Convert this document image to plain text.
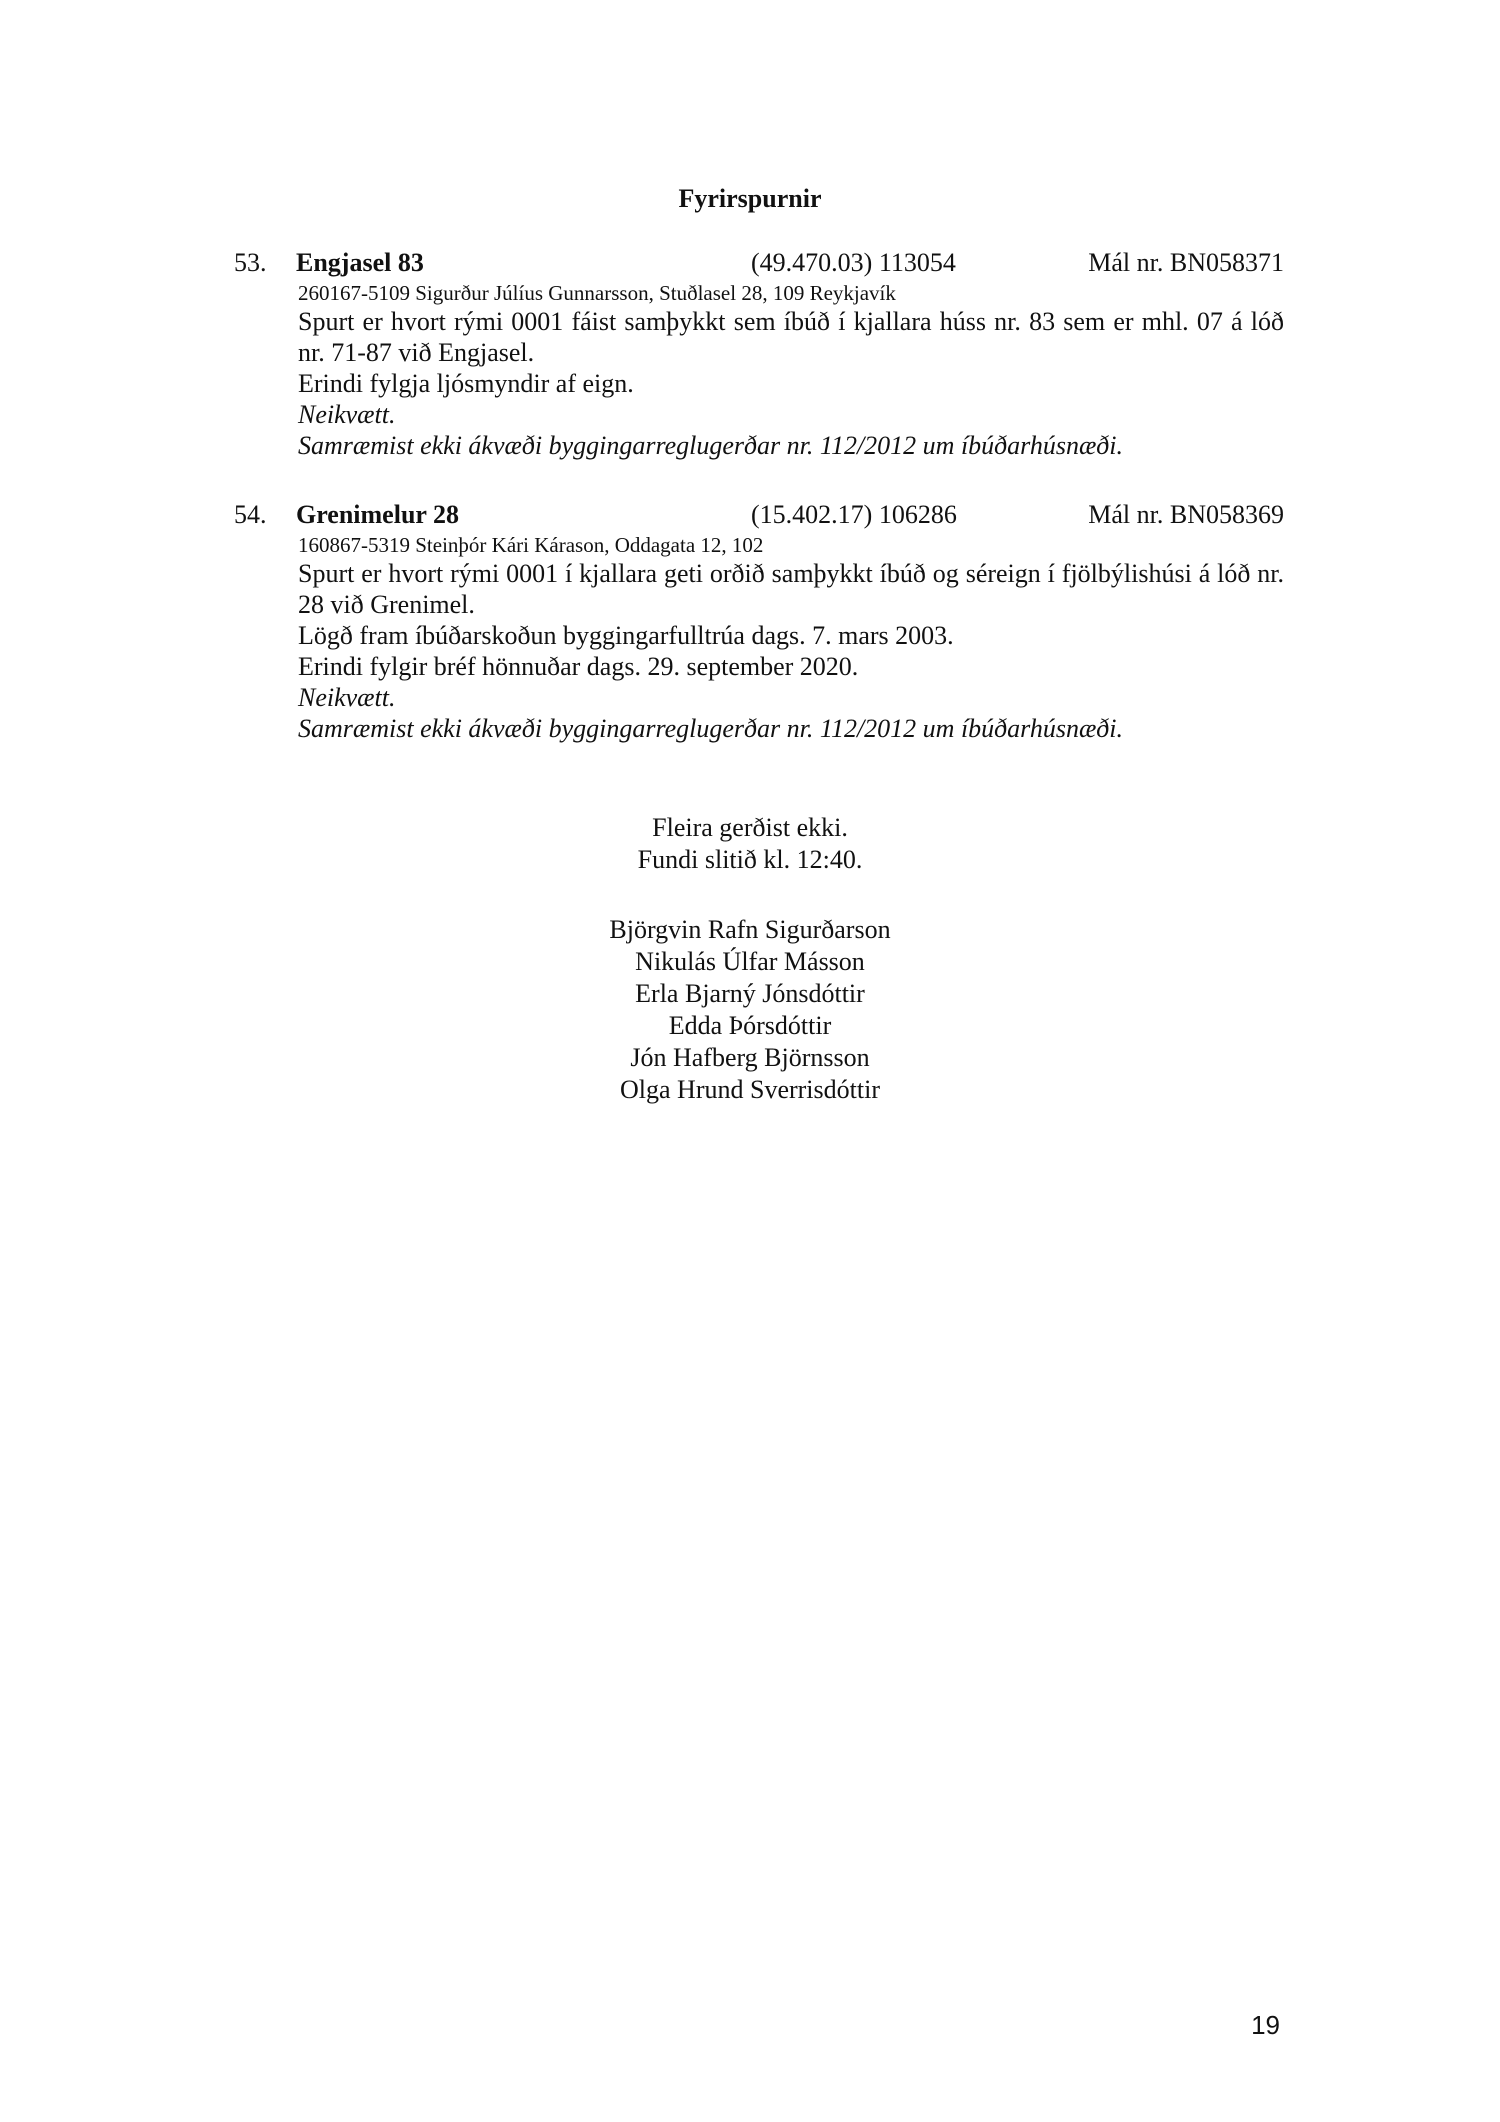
Fyrirspurnir
53. Engjasel 83	(49.470.03) 113054	Mál nr. BN058371
260167-5109 Sigurður Júlíus Gunnarsson, Stuðlasel 28, 109 Reykjavík
Spurt er hvort rými 0001 fáist samþykkt sem íbúð í kjallara húss nr. 83 sem er mhl. 07 á lóð nr. 71-87 við Engjasel.
Erindi fylgja ljósmyndir af eign.
Neikvætt.
Samræmist ekki ákvæði byggingarreglugerðar nr. 112/2012 um íbúðarhúsnæði.
54. Grenimelur 28	(15.402.17) 106286	Mál nr. BN058369
160867-5319 Steinþór Kári Kárason, Oddagata 12, 102
Spurt er hvort rými 0001 í kjallara geti orðið samþykkt íbúð og séreign í fjölbýlishúsi á lóð nr. 28 við Grenimel.
Lögð fram íbúðarskoðun byggingarfulltrúa dags. 7. mars 2003.
Erindi fylgir bréf hönnuðar dags. 29. september 2020.
Neikvætt.
Samræmist ekki ákvæði byggingarreglugerðar nr. 112/2012 um íbúðarhúsnæði.
Fleira gerðist ekki.
Fundi slitið kl. 12:40.
Björgvin Rafn Sigurðarson
Nikulás Úlfar Másson
Erla Bjarný Jónsdóttir
Edda Þórsdóttir
Jón Hafberg Björnsson
Olga Hrund Sverrisdóttir
19
